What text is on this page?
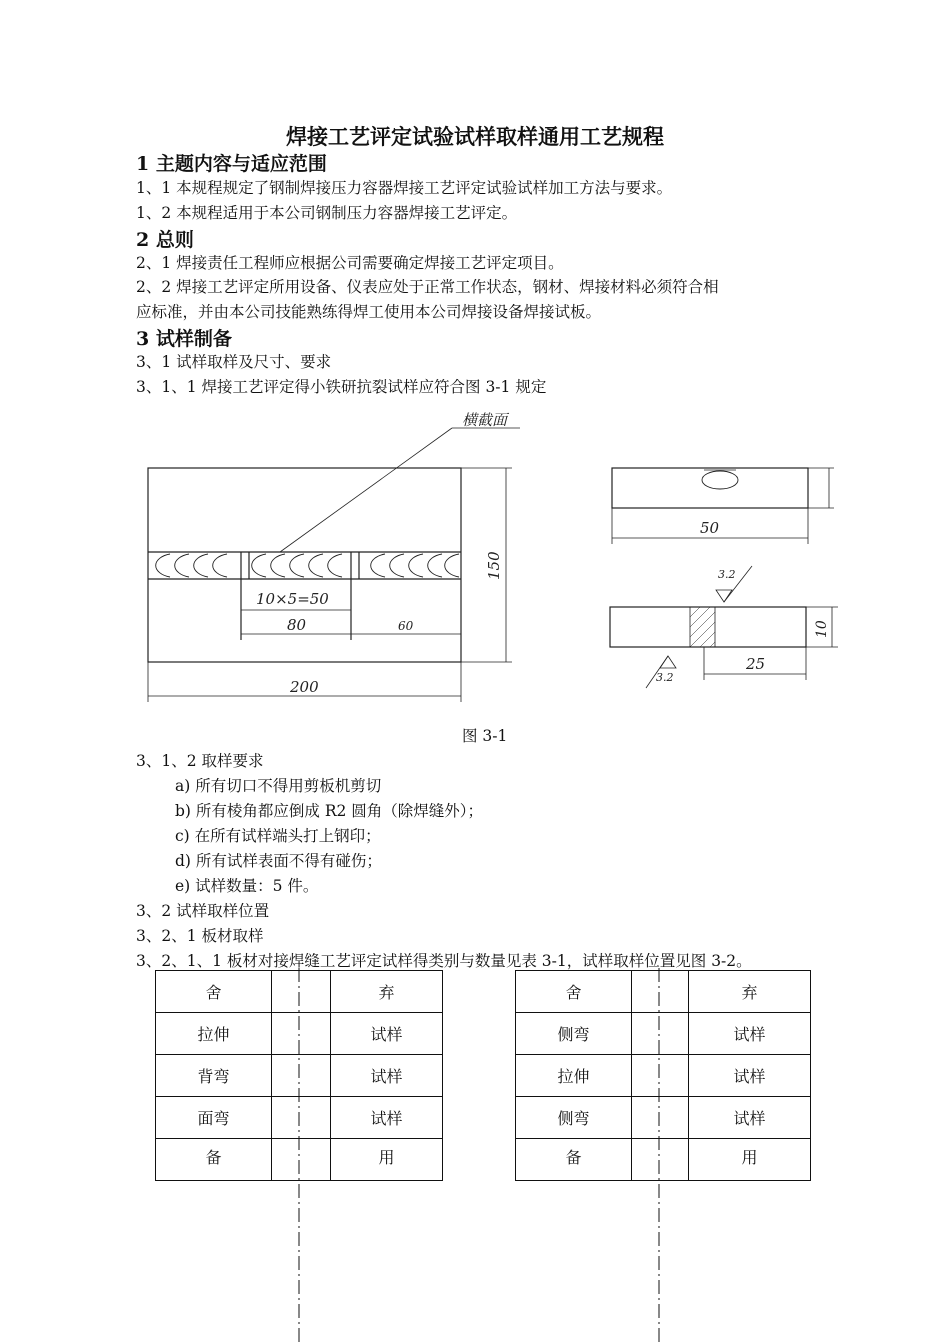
焊接工艺评定试验试样取样通用工艺规程
1 主题内容与适应范围
1、1 本规程规定了钢制焊接压力容器焊接工艺评定试验试样加工方法与要求。
1、2 本规程适用于本公司钢制压力容器焊接工艺评定。
2 总则
2、1 焊接责任工程师应根据公司需要确定焊接工艺评定项目。
2、2 焊接工艺评定所用设备、仪表应处于正常工作状态，钢材、焊接材料必须符合相
应标准，并由本公司技能熟练得焊工使用本公司焊接设备焊接试板。
3 试样制备
3、1 试样取样及尺寸、要求
3、1、1 焊接工艺评定得小铁研抗裂试样应符合图 3-1 规定
横截面
10×5=50
80	60
200
150
50
10
25
3.2
3.2
图 3-1
3、1、2 取样要求
a) 所有切口不得用剪板机剪切
b) 所有棱角都应倒成 R2 圆角（除焊缝外）；
c) 在所有试样端头打上钢印；
d) 所有试样表面不得有碰伤；
e) 试样数量：5 件。
3、2 试样取样位置
3、2、1 板材取样
3、2、1、1 板材对接焊缝工艺评定试样得类别与数量见表 3-1，试样取样位置见图 3-2。
舍		弃
拉伸		试样
背弯		试样
面弯		试样
备		用
舍		弃
侧弯		试样
拉伸		试样
侧弯		试样
备		用
